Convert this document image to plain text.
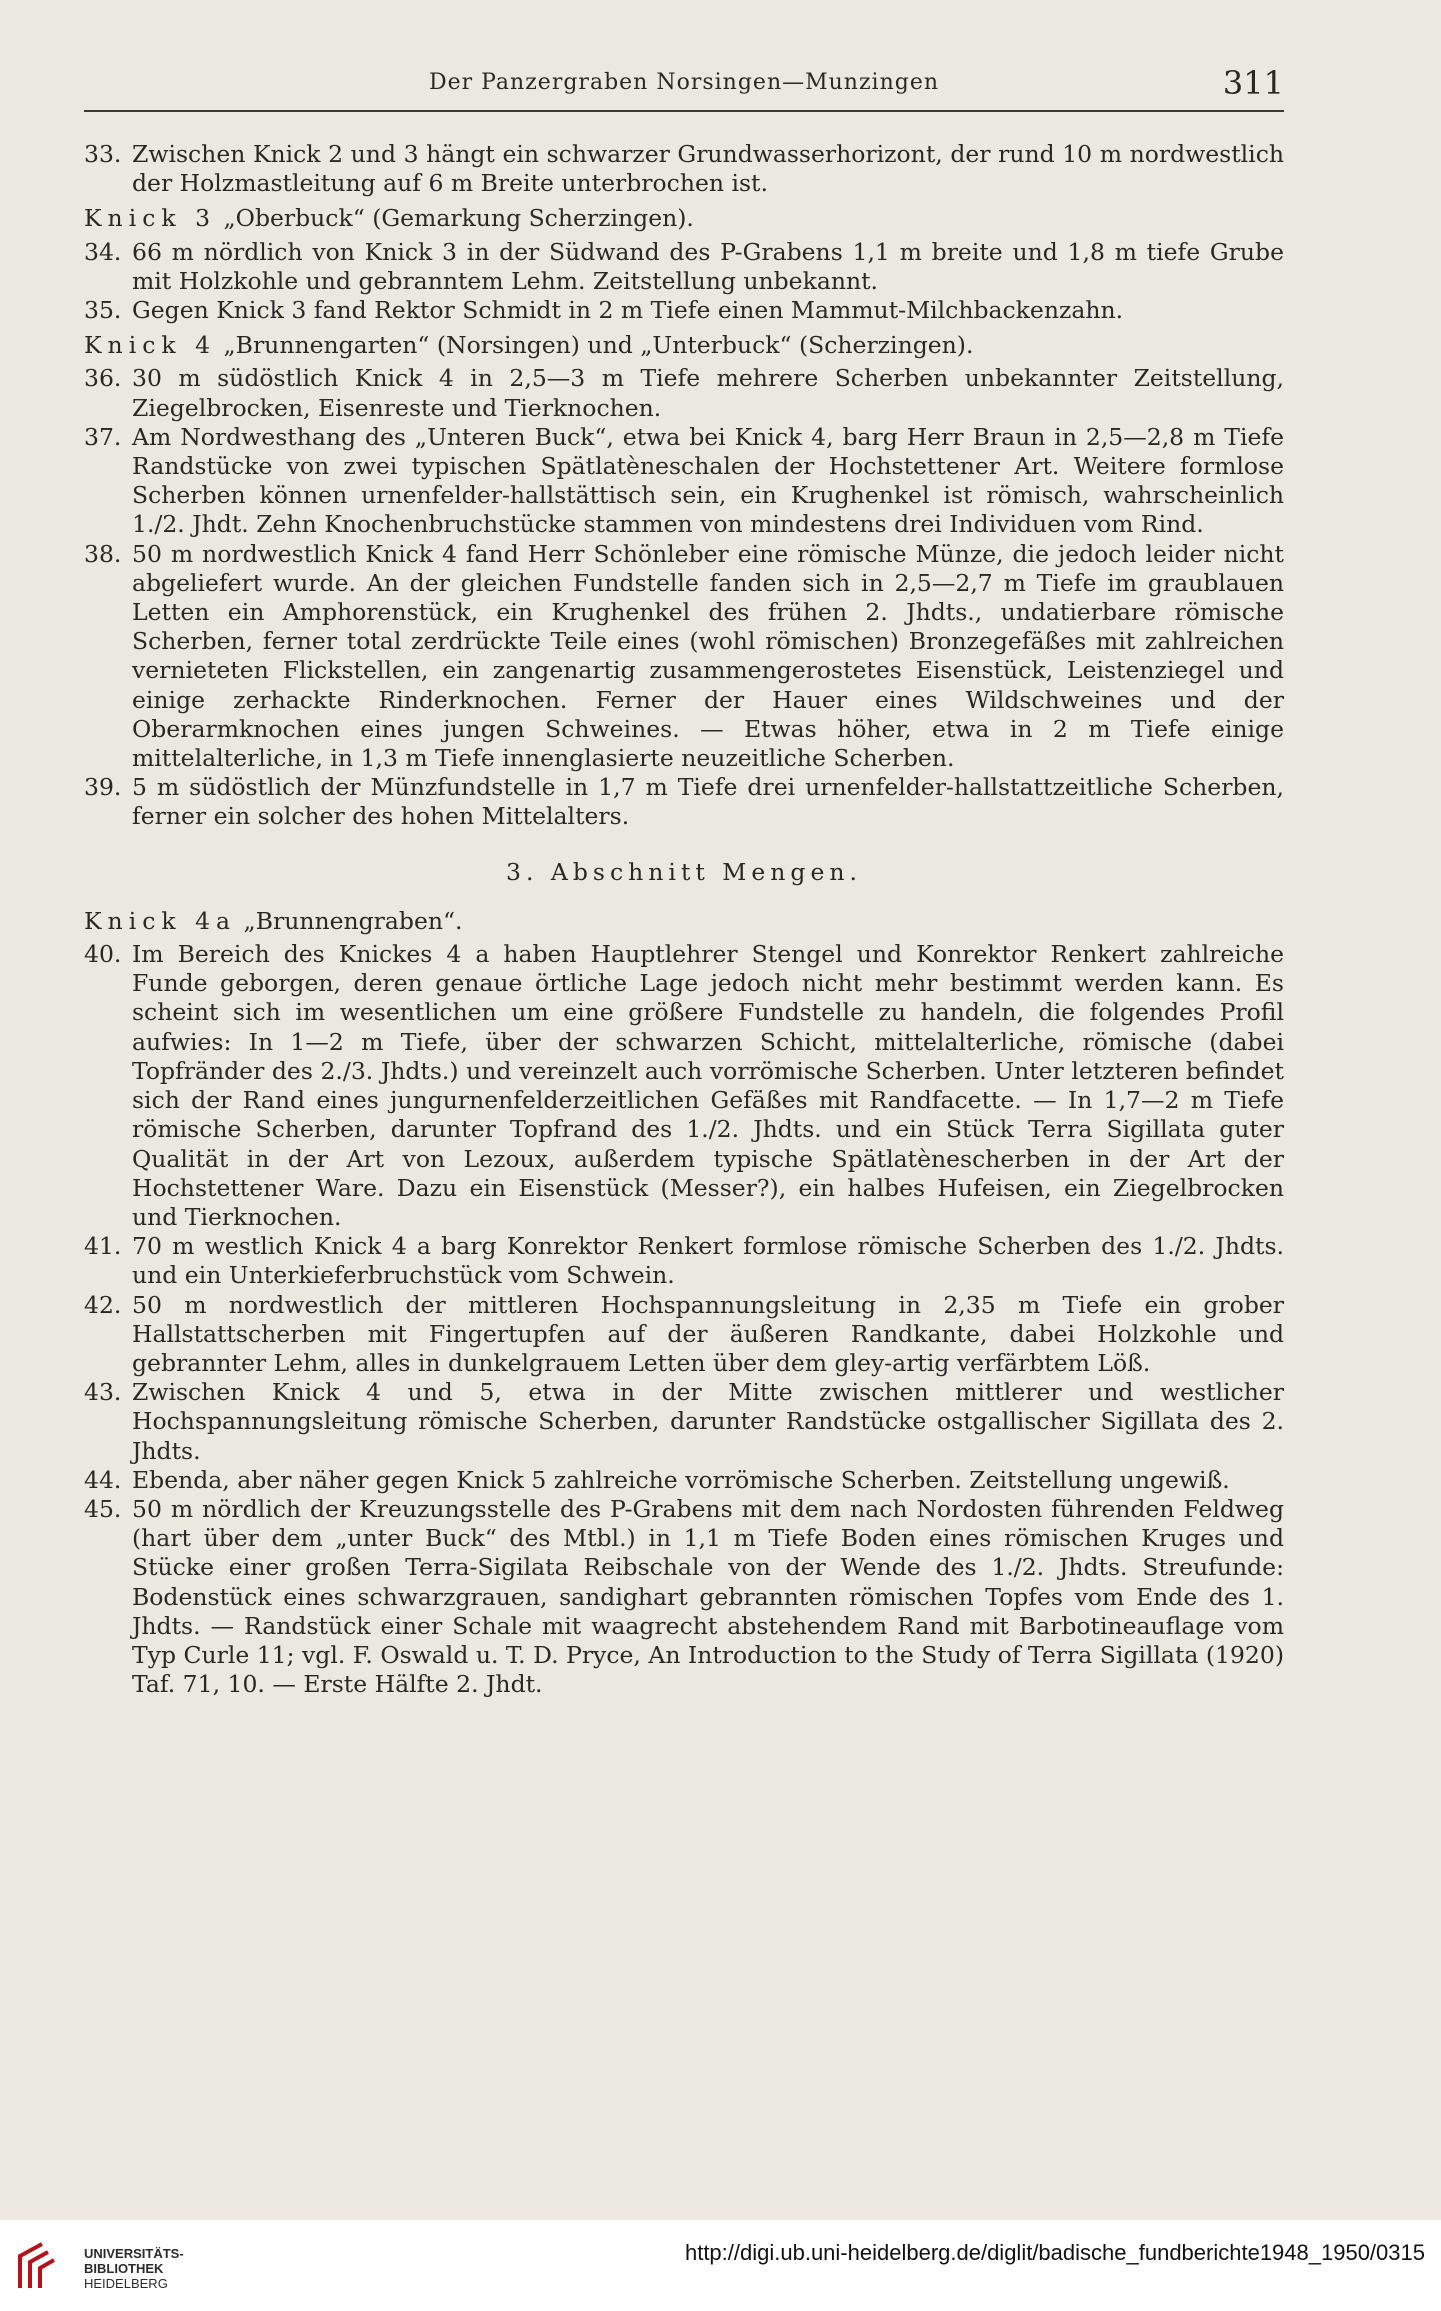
Der Panzergraben Norsingen—Munzingen	311
33. Zwischen Knick 2 und 3 hängt ein schwarzer Grundwasserhorizont, der rund 10 m nordwestlich der Holzmastleitung auf 6 m Breite unterbrochen ist.
Knick 3 „Oberbuck“ (Gemarkung Scherzingen).
34. 66 m nördlich von Knick 3 in der Südwand des P-Grabens 1,1 m breite und 1,8 m tiefe Grube mit Holzkohle und gebranntem Lehm. Zeitstellung unbekannt.
35. Gegen Knick 3 fand Rektor Schmidt in 2 m Tiefe einen Mammut-Milchbackenzahn.
Knick 4 „Brunnengarten“ (Norsingen) und „Unterbuck“ (Scherzingen).
36. 30 m südöstlich Knick 4 in 2,5—3 m Tiefe mehrere Scherben unbekannter Zeitstellung, Ziegelbrocken, Eisenreste und Tierknochen.
37. Am Nordwesthang des „Unteren Buck“, etwa bei Knick 4, barg Herr Braun in 2,5—2,8 m Tiefe Randstücke von zwei typischen Spätlatèneschalen der Hochstettener Art. Weitere formlose Scherben können urnenfelder-hallstättisch sein, ein Krughenkel ist römisch, wahrscheinlich 1./2. Jhdt. Zehn Knochenbruchstücke stammen von mindestens drei Individuen vom Rind.
38. 50 m nordwestlich Knick 4 fand Herr Schönleber eine römische Münze, die jedoch leider nicht abgeliefert wurde. An der gleichen Fundstelle fanden sich in 2,5—2,7 m Tiefe im graublauen Letten ein Amphorenstück, ein Krughenkel des frühen 2. Jhdts., undatierbare römische Scherben, ferner total zerdrückte Teile eines (wohl römischen) Bronzegefäßes mit zahlreichen vernieteten Flickstellen, ein zangenartig zusammengerostetes Eisenstück, Leistenziegel und einige zerhackte Rinderknochen. Ferner der Hauer eines Wildschweines und der Oberarmknochen eines jungen Schweines. — Etwas höher, etwa in 2 m Tiefe einige mittelalterliche, in 1,3 m Tiefe innenglasierte neuzeitliche Scherben.
39. 5 m südöstlich der Münzfundstelle in 1,7 m Tiefe drei urnenfelder-hallstattzeitliche Scherben, ferner ein solcher des hohen Mittelalters.
3. Abschnitt Mengen.
Knick 4a „Brunnengraben“.
40. Im Bereich des Knickes 4 a haben Hauptlehrer Stengel und Konrektor Renkert zahlreiche Funde geborgen, deren genaue örtliche Lage jedoch nicht mehr bestimmt werden kann. Es scheint sich im wesentlichen um eine größere Fundstelle zu handeln, die folgendes Profil aufwies: In 1—2 m Tiefe, über der schwarzen Schicht, mittelalterliche, römische (dabei Topfränder des 2./3. Jhdts.) und vereinzelt auch vorrömische Scherben. Unter letzteren befindet sich der Rand eines jungurnenfelderzeitlichen Gefäßes mit Randfacette. — In 1,7—2 m Tiefe römische Scherben, darunter Topfrand des 1./2. Jhdts. und ein Stück Terra Sigillata guter Qualität in der Art von Lezoux, außerdem typische Spätlatènescherben in der Art der Hochstettener Ware. Dazu ein Eisenstück (Messer?), ein halbes Hufeisen, ein Ziegelbrocken und Tierknochen.
41. 70 m westlich Knick 4 a barg Konrektor Renkert formlose römische Scherben des 1./2. Jhdts. und ein Unterkieferbruchstück vom Schwein.
42. 50 m nordwestlich der mittleren Hochspannungsleitung in 2,35 m Tiefe ein grober Hallstattscherben mit Fingertupfen auf der äußeren Randkante, dabei Holzkohle und gebrannter Lehm, alles in dunkelgrauem Letten über dem gley-artig verfärbtem Löß.
43. Zwischen Knick 4 und 5, etwa in der Mitte zwischen mittlerer und westlicher Hochspannungsleitung römische Scherben, darunter Randstücke ostgallischer Sigillata des 2. Jhdts.
44. Ebenda, aber näher gegen Knick 5 zahlreiche vorrömische Scherben. Zeitstellung ungewiß.
45. 50 m nördlich der Kreuzungsstelle des P-Grabens mit dem nach Nordosten führenden Feldweg (hart über dem „unter Buck“ des Mtbl.) in 1,1 m Tiefe Boden eines römischen Kruges und Stücke einer großen Terra-Sigilata Reibschale von der Wende des 1./2. Jhdts. Streufunde: Bodenstück eines schwarzgrauen, sandighart gebrannten römischen Topfes vom Ende des 1. Jhdts. — Randstück einer Schale mit waagrecht abstehendem Rand mit Barbotineauflage vom Typ Curle 11; vgl. F. Oswald u. T. D. Pryce, An Introduction to the Study of Terra Sigillata (1920) Taf. 71, 10. — Erste Hälfte 2. Jhdt.
UNIVERSITÄTS-
BIBLIOTHEK
HEIDELBERG
http://digi.ub.uni-heidelberg.de/diglit/badische_fundberichte1948_1950/0315
